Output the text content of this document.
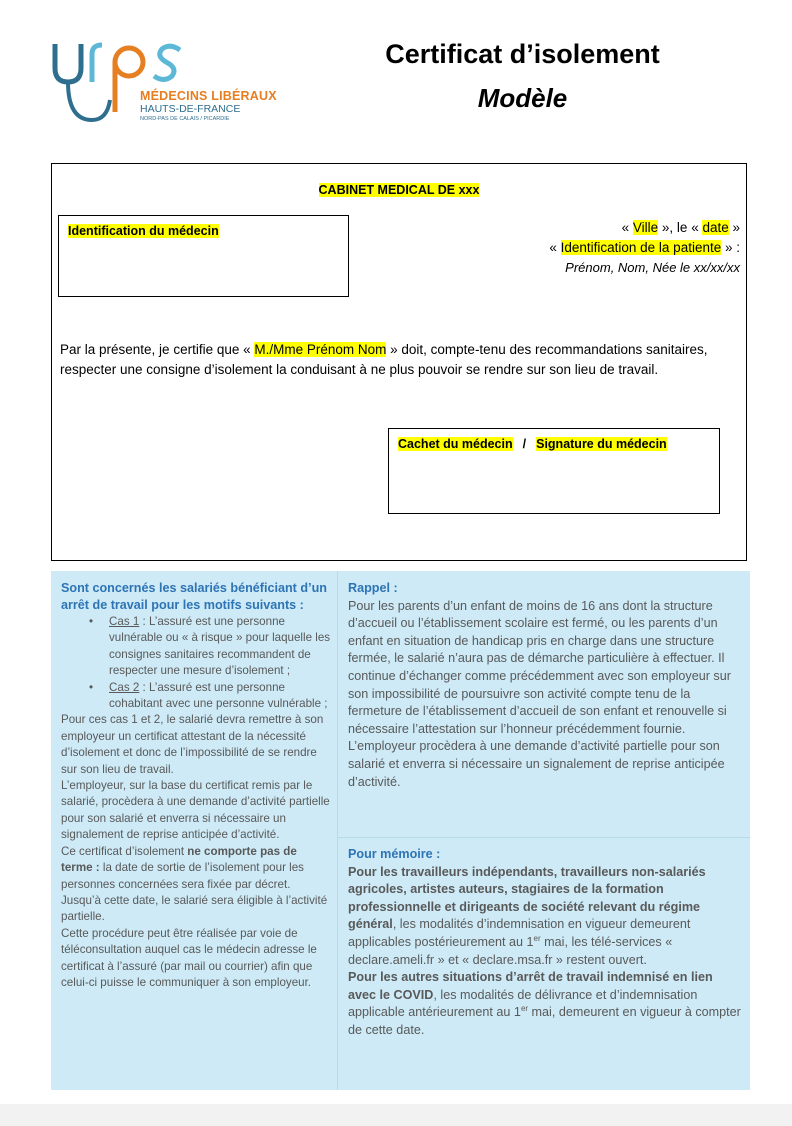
MÉDECINS LIBÉRAUX
HAUTS-DE-FRANCE
NORD-PAS DE CALAIS / PICARDIE
Certificat d’isolement
Modèle
CABINET MEDICAL DE xxx
Identification du médecin	« Ville », le « date »
« Identification de la patiente » :
Prénom, Nom, Née le xx/xx/xx
Par la présente, je certifie que « M./Mme Prénom Nom » doit, compte-tenu des recommandations sanitaires, respecter une consigne d’isolement la conduisant à ne plus pouvoir se rendre sur son lieu de travail.
Cachet du médecin / Signature du médecin

Sont concernés les salariés bénéficiant d’un arrêt de travail pour les motifs suivants :

• Cas 1 : L’assuré est une personne vulnérable ou « à risque » pour laquelle les consignes sanitaires recommandent de respecter une mesure d’isolement ;
• Cas 2 : L’assuré est une personne cohabitant avec une personne vulnérable ;

Pour ces cas 1 et 2, le salarié devra remettre à son employeur un certificat attestant de la nécessité d’isolement et donc de l’impossibilité de se rendre sur son lieu de travail.

L’employeur, sur la base du certificat remis par le salarié, procèdera à une demande d’activité partielle pour son salarié et enverra si nécessaire un signalement de reprise anticipée d’activité.

Ce certificat d’isolement ne comporte pas de terme : la date de sortie de l’isolement pour les personnes concernées sera fixée par décret. Jusqu’à cette date, le salarié sera éligible à l’activité partielle.

Cette procédure peut être réalisée par voie de téléconsultation auquel cas le médecin adresse le certificat à l’assuré (par mail ou courrier) afin que celui-ci puisse le communiquer à son employeur.

Rappel :

Pour les parents d’un enfant de moins de 16 ans dont la structure d’accueil ou l’établissement scolaire est fermé, ou les parents d’un enfant en situation de handicap pris en charge dans une structure fermée, le salarié n’aura pas de démarche particulière à effectuer. Il continue d’échanger comme précédemment avec son employeur sur son impossibilité de poursuivre son activité compte tenu de la fermeture de l’établissement d’accueil de son enfant et renouvelle si nécessaire l’attestation sur l’honneur précédemment fournie. L’employeur procèdera à une demande d’activité partielle pour son salarié et enverra si nécessaire un signalement de reprise anticipée d’activité.

Pour mémoire :

Pour les travailleurs indépendants, travailleurs non-salariés agricoles, artistes auteurs, stagiaires de la formation professionnelle et dirigeants de société relevant du régime général, les modalités d’indemnisation en vigueur demeurent applicables postérieurement au 1er mai, les télé-services « declare.ameli.fr » et « declare.msa.fr » restent ouvert.

Pour les autres situations d’arrêt de travail indemnisé en lien avec le COVID, les modalités de délivrance et d’indemnisation applicable antérieurement au 1er mai, demeurent en vigueur à compter de cette date.
